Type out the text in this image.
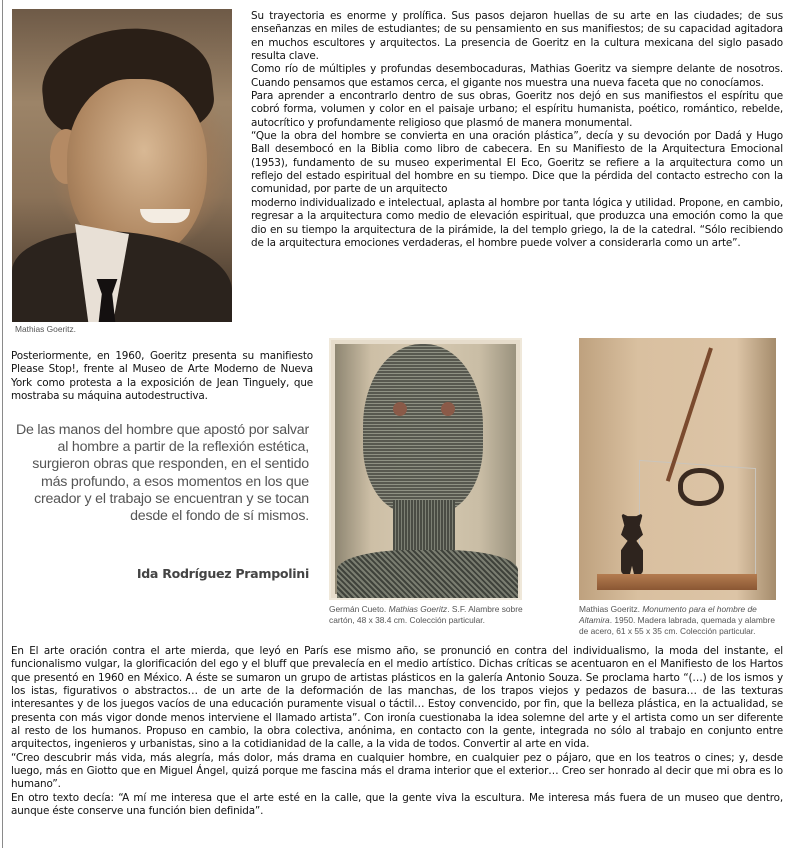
Mathias Goeritz.

Su trayectoria es enorme y prolífica. Sus pasos dejaron huellas de su arte en las ciudades; de sus enseñanzas en miles de estudiantes; de su pensamiento en sus manifiestos; de su capacidad agitadora en muchos escultores y arquitectos. La presencia de Goeritz en la cultura mexicana del siglo pasado resulta clave.

Como río de múltiples y profundas desembocaduras, Mathias Goeritz va siempre delante de nosotros. Cuando pensamos que estamos cerca, el gigante nos muestra una nueva faceta que no conocíamos.

Para aprender a encontrarlo dentro de sus obras, Goeritz nos dejó en sus manifiestos el espíritu que cobró forma, volumen y color en el paisaje urbano; el espíritu humanista, poético, romántico, rebelde, autocrítico y profundamente religioso que plasmó de manera monumental.

“Que la obra del hombre se convierta en una oración plástica”, decía y su devoción por Dadá y Hugo Ball desembocó en la Biblia como libro de cabecera. En su Manifiesto de la Arquitectura Emocional (1953), fundamento de su museo experimental El Eco, Goeritz se refiere a la arquitectura como un reflejo del estado espiritual del hombre en su tiempo. Dice que la pérdida del contacto estrecho con la comunidad, por parte de un arquitecto

moderno individualizado e intelectual, aplasta al hombre por tanta lógica y utilidad. Propone, en cambio, regresar a la arquitectura como medio de elevación espiritual, que produzca una emoción como la que dio en su tiempo la arquitectura de la pirámide, la del templo griego, la de la catedral. “Sólo recibiendo de la arquitectura emociones verdaderas, el hombre puede volver a considerarla como un arte”.

Posteriormente, en 1960, Goeritz presenta su manifiesto Please Stop!, frente al Museo de Arte Moderno de Nueva York como protesta a la exposición de Jean Tinguely, que mostraba su máquina autodestructiva.
De las manos del hombre que apostó por salvar al hombre a partir de la reflexión estética, surgieron obras que responden, en el sentido más profundo, a esos momentos en los que creador y el trabajo se encuentran y se tocan desde el fondo de sí mismos.
Ida Rodríguez Prampolini
Germán Cueto. Mathias Goeritz. S.F. Alambre sobre cartón, 48 x 38.4 cm. Colección particular.
Mathias Goeritz. Monumento para el hombre de Altamira. 1950. Madera labrada, quemada y alambre de acero, 61 x 55 x 35 cm. Colección particular.

En El arte oración contra el arte mierda, que leyó en París ese mismo año, se pronunció en contra del individualismo, la moda del instante, el funcionalismo vulgar, la glorificación del ego y el bluff que prevalecía en el medio artístico. Dichas críticas se acentuaron en el Manifiesto de los Hartos que presentó en 1960 en México. A éste se sumaron un grupo de artistas plásticos en la galería Antonio Souza. Se proclama harto “(…) de los ismos y los istas, figurativos o abstractos… de un arte de la deformación de las manchas, de los trapos viejos y pedazos de basura… de las texturas interesantes y de los juegos vacíos de una educación puramente visual o táctil… Estoy convencido, por fin, que la belleza plástica, en la actualidad, se presenta con más vigor donde menos interviene el llamado artista”. Con ironía cuestionaba la idea solemne del arte y el artista como un ser diferente al resto de los humanos. Propuso en cambio, la obra colectiva, anónima, en contacto con la gente, integrada no sólo al trabajo en conjunto entre arquitectos, ingenieros y urbanistas, sino a la cotidianidad de la calle, a la vida de todos. Convertir al arte en vida.

“Creo descubrir más vida, más alegría, más dolor, más drama en cualquier hombre, en cualquier pez o pájaro, que en los teatros o cines; y, desde luego, más en Giotto que en Miguel Ángel, quizá porque me fascina más el drama interior que el exterior… Creo ser honrado al decir que mi obra es lo humano”.

En otro texto decía: “A mí me interesa que el arte esté en la calle, que la gente viva la escultura. Me interesa más fuera de un museo que dentro, aunque éste conserve una función bien definida”.
